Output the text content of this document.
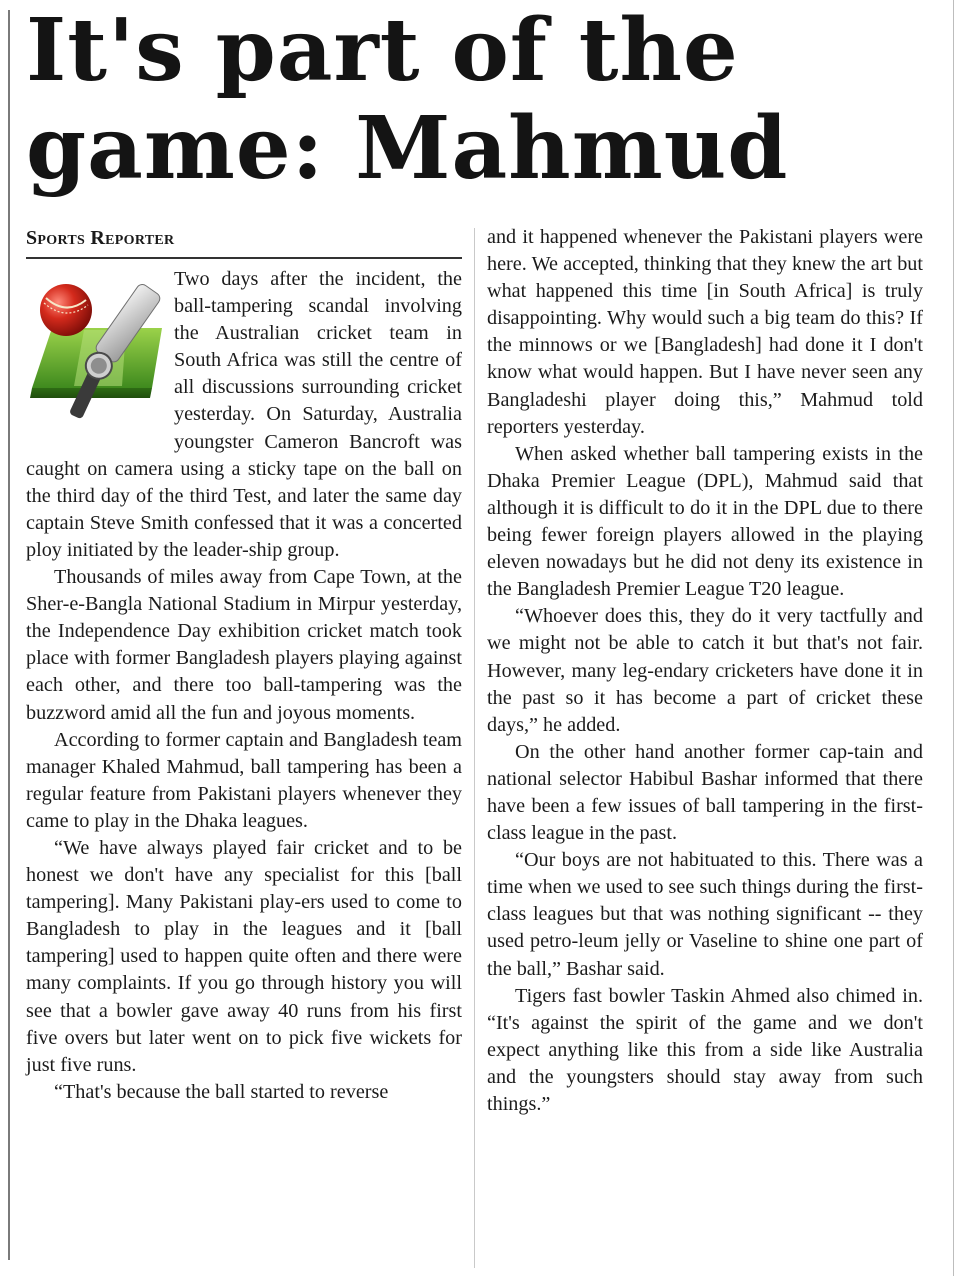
It's part of the game: Mahmud
Sports Reporter

Two days after the incident, the ball-tampering scandal involving the Australian cricket team in South Africa was still the centre of all discussions surrounding cricket yesterday. On Saturday, Australia youngster Cameron Bancroft was caught on camera using a sticky tape on the ball on the third day of the third Test, and later the same day captain Steve Smith confessed that it was a concerted ploy initiated by the leader-ship group.

Thousands of miles away from Cape Town, at the Sher-e-Bangla National Stadium in Mirpur yesterday, the Independence Day exhibition cricket match took place with former Bangladesh players playing against each other, and there too ball-tampering was the buzzword amid all the fun and joyous moments.

According to former captain and Bangladesh team manager Khaled Mahmud, ball tampering has been a regular feature from Pakistani players whenever they came to play in the Dhaka leagues.

“We have always played fair cricket and to be honest we don't have any specialist for this [ball tampering]. Many Pakistani play-ers used to come to Bangladesh to play in the leagues and it [ball tampering] used to happen quite often and there were many complaints. If you go through history you will see that a bowler gave away 40 runs from his first five overs but later went on to pick five wickets for just five runs.

“That's because the ball started to reverse

and it happened whenever the Pakistani players were here. We accepted, thinking that they knew the art but what happened this time [in South Africa] is truly disappointing. Why would such a big team do this? If the minnows or we [Bangladesh] had done it I don't know what would happen. But I have never seen any Bangladeshi player doing this,” Mahmud told reporters yesterday.

When asked whether ball tampering exists in the Dhaka Premier League (DPL), Mahmud said that although it is difficult to do it in the DPL due to there being fewer foreign players allowed in the playing eleven nowadays but he did not deny its existence in the Bangladesh Premier League T20 league.

“Whoever does this, they do it very tactfully and we might not be able to catch it but that's not fair. However, many leg-endary cricketers have done it in the past so it has become a part of cricket these days,” he added.

On the other hand another former cap-tain and national selector Habibul Bashar informed that there have been a few issues of ball tampering in the first-class league in the past.

“Our boys are not habituated to this. There was a time when we used to see such things during the first-class leagues but that was nothing significant -- they used petro-leum jelly or Vaseline to shine one part of the ball,” Bashar said.

Tigers fast bowler Taskin Ahmed also chimed in. “It's against the spirit of the game and we don't expect anything like this from a side like Australia and the youngsters should stay away from such things.”
